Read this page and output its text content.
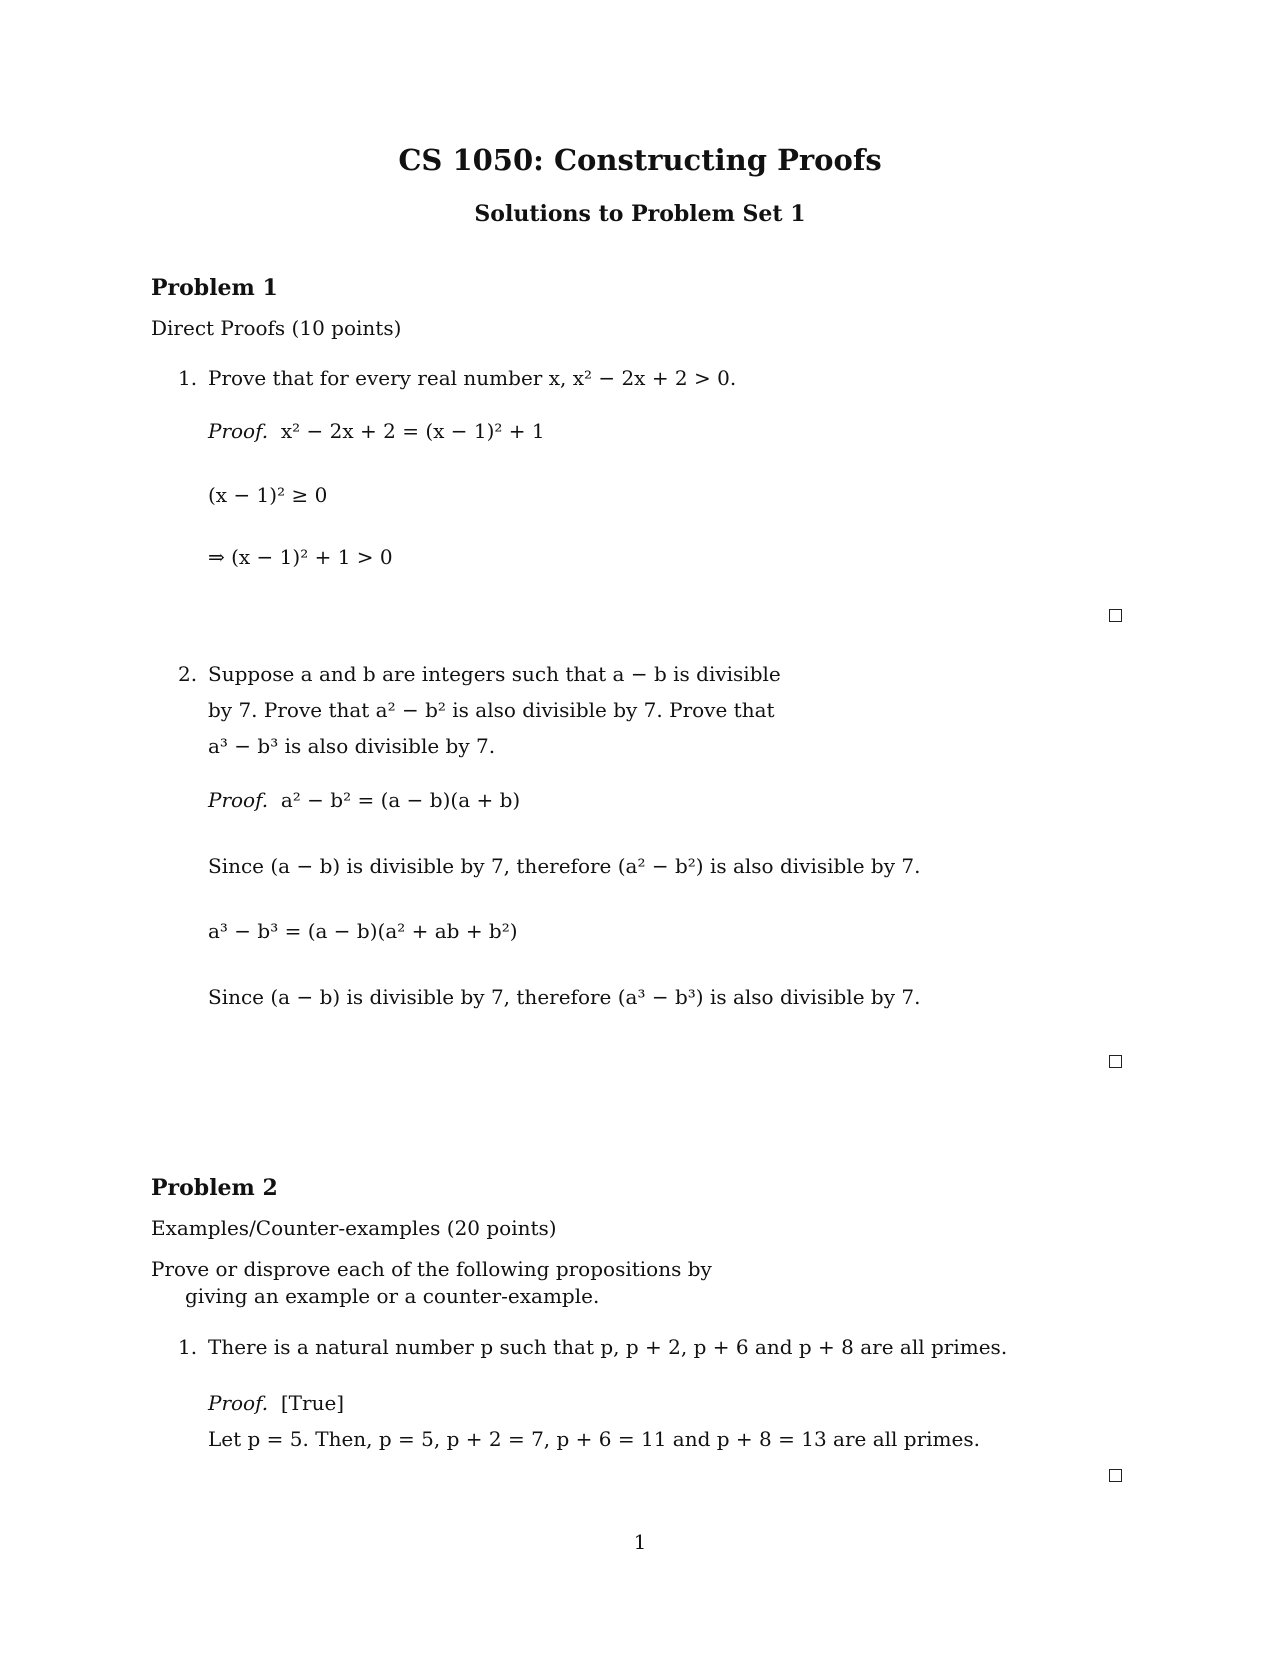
CS 1050: Constructing Proofs
Solutions to Problem Set 1
Problem 1
Direct Proofs (10 points)
1. Prove that for every real number x, x² − 2x + 2 > 0.
Proof. x² − 2x + 2 = (x − 1)² + 1
(x − 1)² ≥ 0
⇒ (x − 1)² + 1 > 0
2. Suppose a and b are integers such that a − b is divisible
by 7. Prove that a² − b² is also divisible by 7. Prove that
a³ − b³ is also divisible by 7.
Proof. a² − b² = (a − b)(a + b)
Since (a − b) is divisible by 7, therefore (a² − b²) is also divisible by 7.
a³ − b³ = (a − b)(a² + ab + b²)
Since (a − b) is divisible by 7, therefore (a³ − b³) is also divisible by 7.
Problem 2
Examples/Counter-examples (20 points)
Prove or disprove each of the following propositions by
giving an example or a counter-example.
1. There is a natural number p such that p, p + 2, p + 6 and p + 8 are all primes.
Proof. [True]
Let p = 5. Then, p = 5, p + 2 = 7, p + 6 = 11 and p + 8 = 13 are all primes.
1
